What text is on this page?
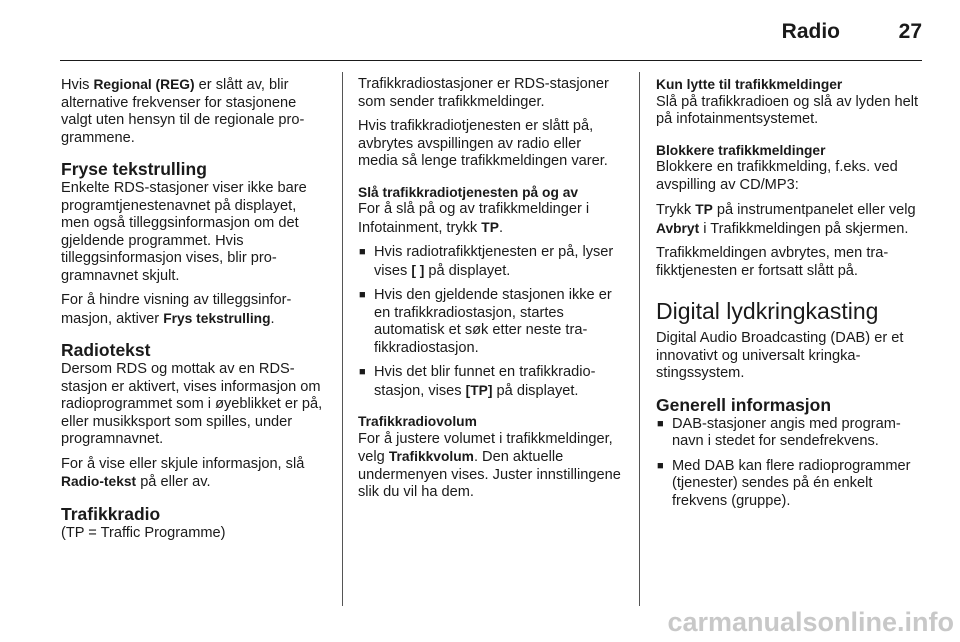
Radio	27

Hvis Regional (REG) er slått av, blir alternative frekvenser for stasjonene valgt uten hensyn til de regionale programmene.

Fryse tekstrulling

Enkelte RDS-stasjoner viser ikke bare programtjenestenavnet på displayet, men også tilleggsinformasjon om det gjeldende programmet. Hvis tilleggsinformasjon vises, blir programnavnet skjult.

For å hindre visning av tilleggsinformasjon, aktiver Frys tekstrulling.

Radiotekst

Dersom RDS og mottak av en RDS-stasjon er aktivert, vises informasjon om radioprogrammet som i øyeblikket er på, eller musikksport som spilles, under programnavnet.

For å vise eller skjule informasjon, slå Radio-tekst på eller av.

Trafikkradio

(TP = Traffic Programme)

Trafikkradiostasjoner er RDS-stasjoner som sender trafikkmeldinger.

Hvis trafikkradiotjenesten er slått på, avbrytes avspillingen av radio eller media så lenge trafikkmeldingen varer.

Slå trafikkradiotjenesten på og av

For å slå på og av trafikkmeldinger i Infotainment, trykk TP.

■ Hvis radiotrafikktjenesten er på, lyser vises [ ] på displayet.
■ Hvis den gjeldende stasjonen ikke er en trafikkradiostasjon, startes automatisk et søk etter neste trafikkradiostasjon.
■ Hvis det blir funnet en trafikkradiostasjon, vises [TP] på displayet.
Trafikkradiovolum

For å justere volumet i trafikkmeldinger, velg Trafikkvolum. Den aktuelle undermenyen vises. Juster innstillingene slik du vil ha dem.

Kun lytte til trafikkmeldinger

Slå på trafikkradioen og slå av lyden helt på infotainmentsystemet.

Blokkere trafikkmeldinger

Blokkere en trafikkmelding, f.eks. ved avspilling av CD/MP3:

Trykk TP på instrumentpanelet eller velg Avbryt i Trafikkmeldingen på skjermen.

Trafikkmeldingen avbrytes, men trafikktjenesten er fortsatt slått på.

Digital lydkringkasting

Digital Audio Broadcasting (DAB) er et innovativt og universalt kringkastingssystem.

Generell informasjon
■ DAB-stasjoner angis med programnavn i stedet for sendefrekvens.
■ Med DAB kan flere radioprogrammer (tjenester) sendes på én enkelt frekvens (gruppe).
carmanualsonline.info
